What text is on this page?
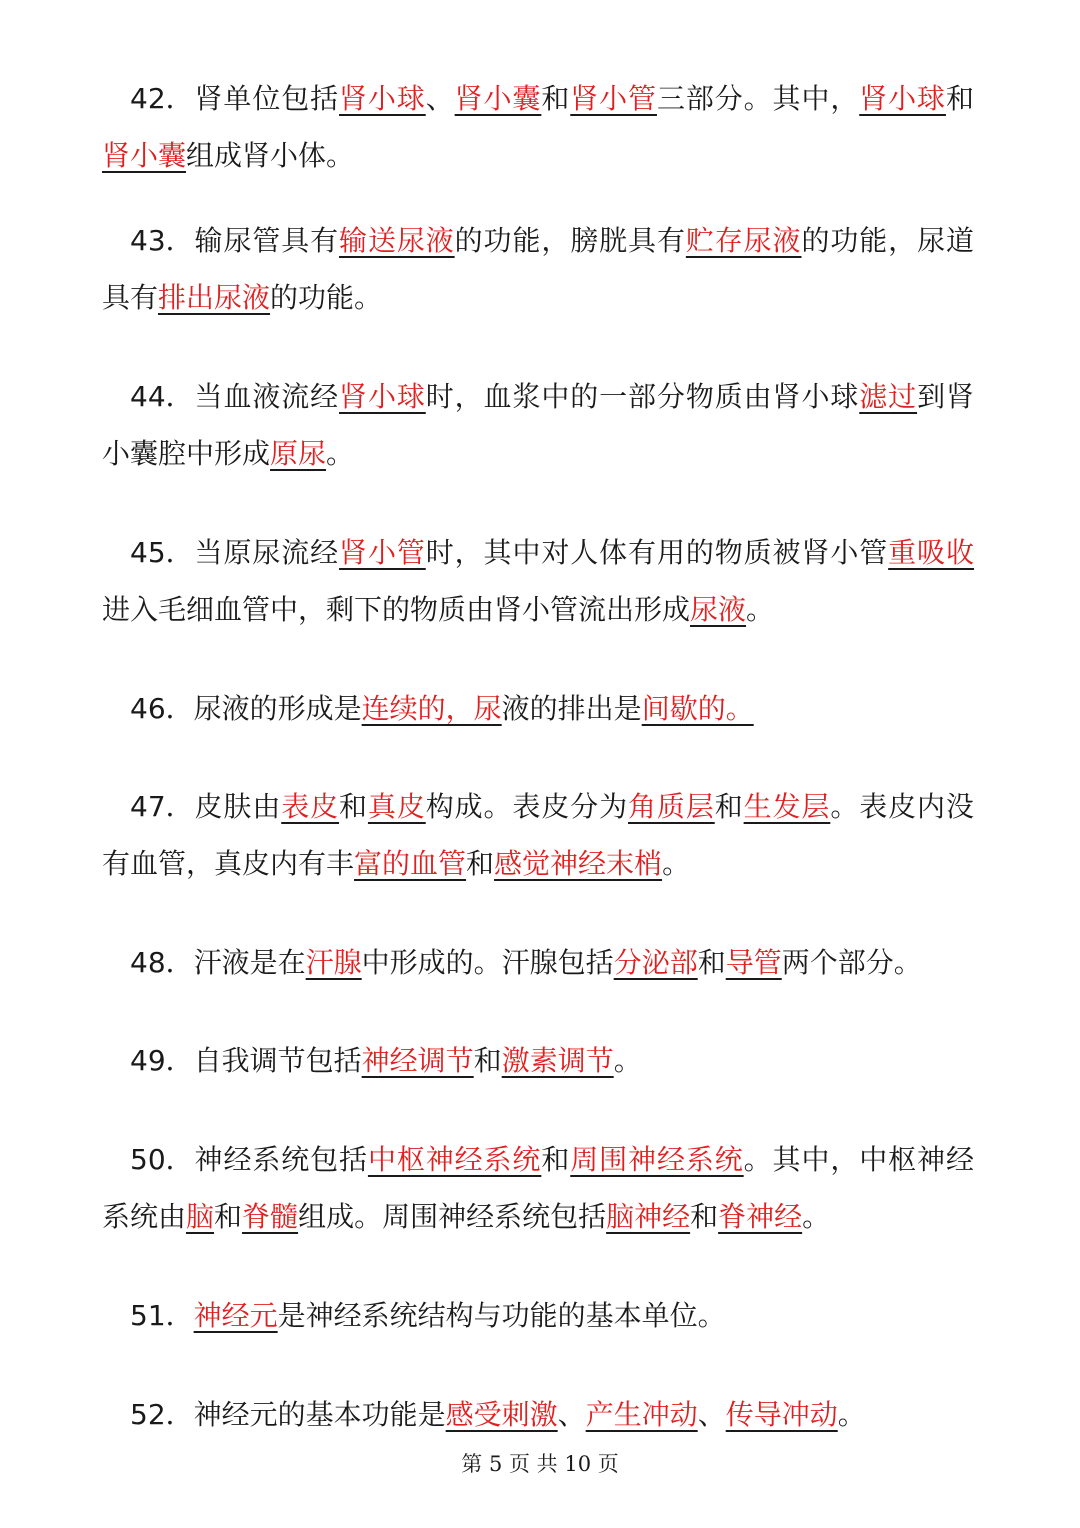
　42．肾单位包括肾小球、肾小囊和肾小管三部分。其中，肾小球和肾小囊组成肾小体。
　43．输尿管具有输送尿液的功能，膀胱具有贮存尿液的功能，尿道具有排出尿液的功能。
　44．当血液流经肾小球时，血浆中的一部分物质由肾小球滤过到肾小囊腔中形成原尿。
　45．当原尿流经肾小管时，其中对人体有用的物质被肾小管重吸收进入毛细血管中，剩下的物质由肾小管流出形成尿液。
　46．尿液的形成是连续的，尿液的排出是间歇的。
　47．皮肤由表皮和真皮构成。表皮分为角质层和生发层。表皮内没有血管，真皮内有丰富的血管和感觉神经末梢。
　48．汗液是在汗腺中形成的。汗腺包括分泌部和导管两个部分。
　49．自我调节包括神经调节和激素调节。
　50．神经系统包括中枢神经系统和周围神经系统。其中，中枢神经系统由脑和脊髓组成。周围神经系统包括脑神经和脊神经。
　51．神经元是神经系统结构与功能的基本单位。
　52．神经元的基本功能是感受刺激、产生冲动、传导冲动。
第 5 页 共 10 页
